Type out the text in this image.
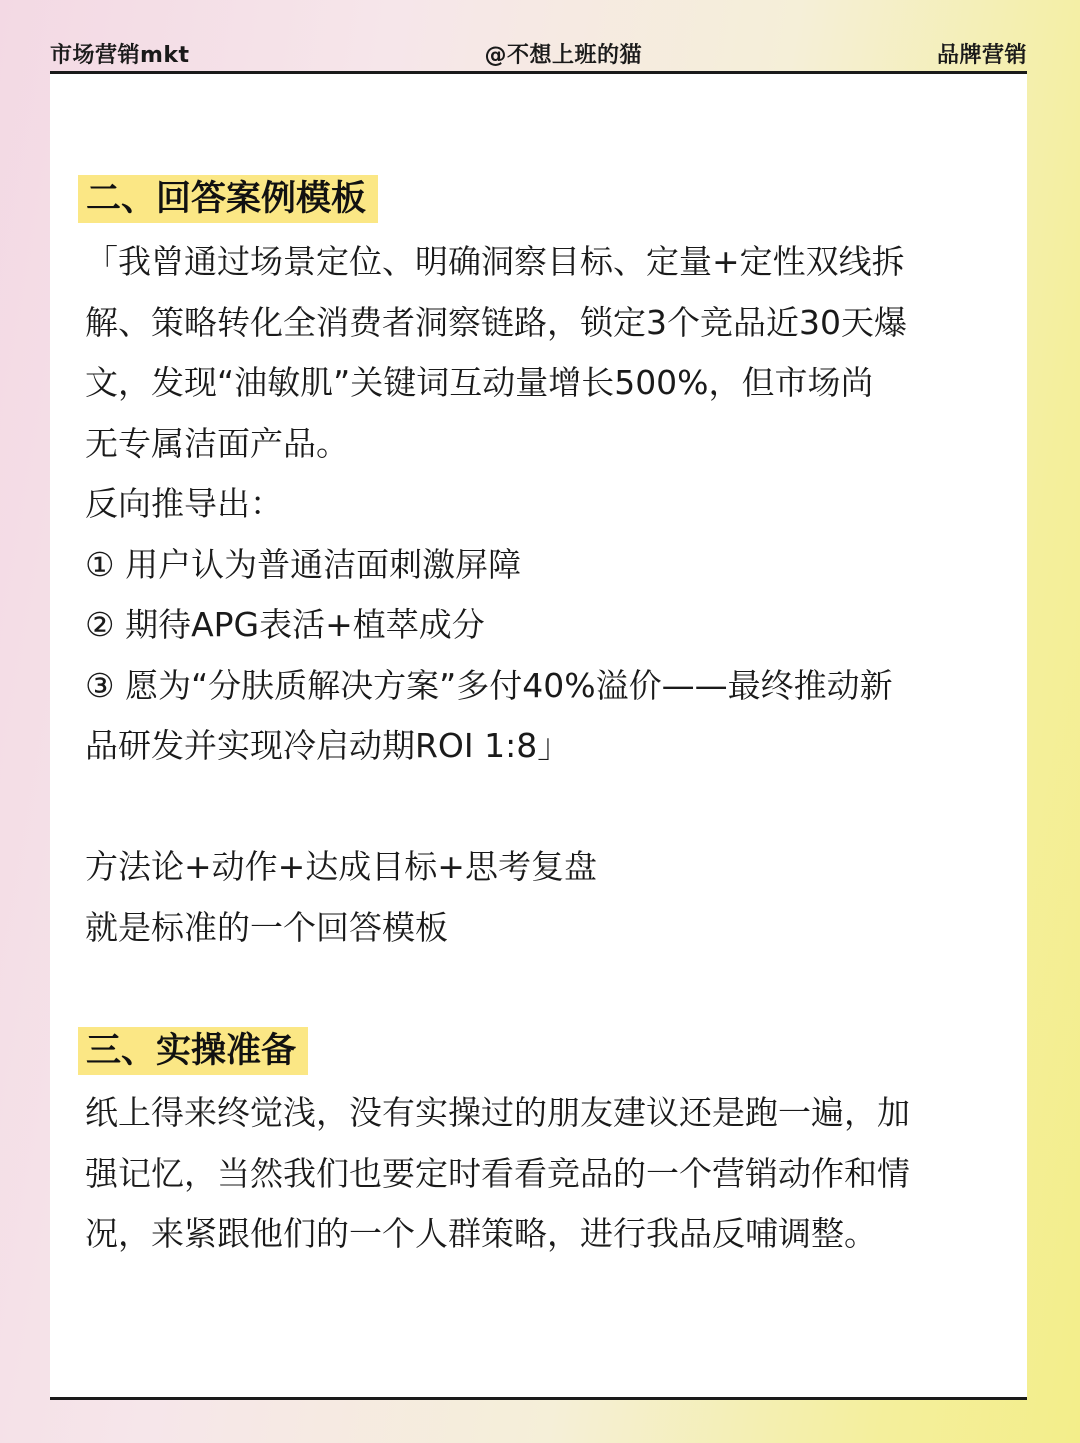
市场营销mkt	@不想上班的猫	品牌营销
二、回答案例模板
「我曾通过场景定位、明确洞察目标、定量+定性双线拆
解、策略转化全消费者洞察链路，锁定3个竞品近30天爆
文，发现“油敏肌”关键词互动量增长500%，但市场尚
无专属洁面产品。
反向推导出：
① 用户认为普通洁面刺激屏障
② 期待APG表活+植萃成分
③ 愿为“分肤质解决方案”多付40%溢价——最终推动新
品研发并实现冷启动期ROI 1:8」
方法论+动作+达成目标+思考复盘
就是标准的一个回答模板
三、实操准备
纸上得来终觉浅，没有实操过的朋友建议还是跑一遍，加
强记忆，当然我们也要定时看看竞品的一个营销动作和情
况，来紧跟他们的一个人群策略，进行我品反哺调整。
